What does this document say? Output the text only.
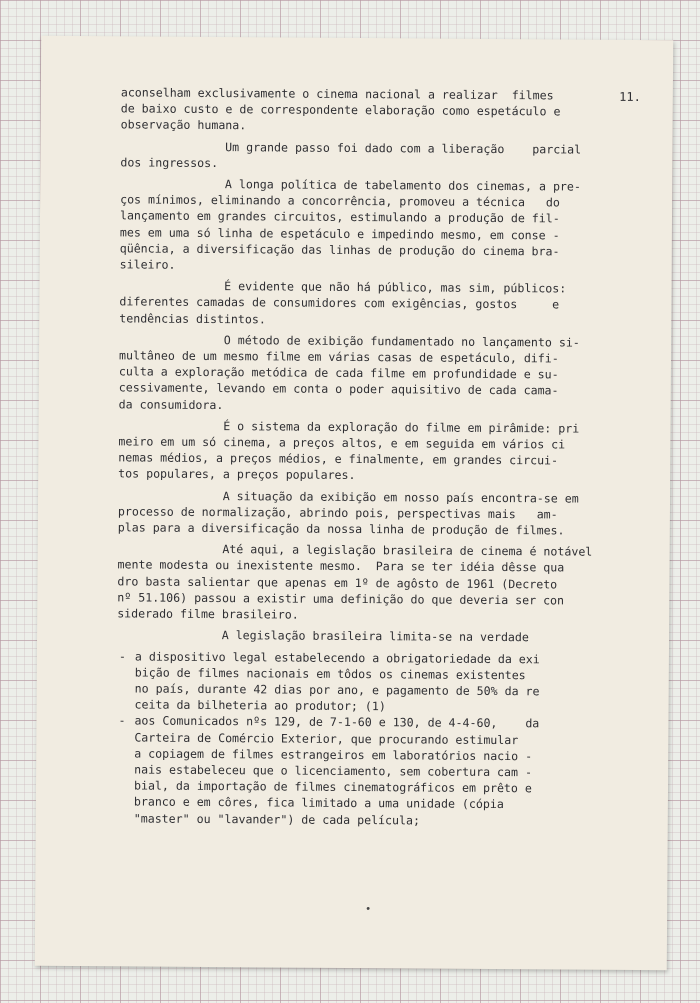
11.
aconselham exclusivamente o cinema nacional a realizar  filmes
de baixo custo e de correspondente elaboração como espetáculo e
observação humana.
Um grande passo foi dado com a liberação    parcial
dos ingressos.
A longa política de tabelamento dos cinemas, a pre-
ços mínimos, eliminando a concorrência, promoveu a técnica   do
lançamento em grandes circuitos, estimulando a produção de fil-
mes em uma só linha de espetáculo e impedindo mesmo, em conse -
qüência, a diversificação das linhas de produção do cinema bra-
sileiro.
É evidente que não há público, mas sim, públicos:
diferentes camadas de consumidores com exigências, gostos     e
tendências distintos.
O método de exibição fundamentado no lançamento si-
multâneo de um mesmo filme em várias casas de espetáculo, difi-
culta a exploração metódica de cada filme em profundidade e su-
cessivamente, levando em conta o poder aquisitivo de cada cama-
da consumidora.
É o sistema da exploração do filme em pirâmide: pri
meiro em um só cinema, a preços altos, e em seguida em vários ci
nemas médios, a preços médios, e finalmente, em grandes circui-
tos populares, a preços populares.
A situação da exibição em nosso país encontra-se em
processo de normalização, abrindo pois, perspectivas mais   am-
plas para a diversificação da nossa linha de produção de filmes.
Até aqui, a legislação brasileira de cinema é notável
mente modesta ou inexistente mesmo.  Para se ter idéia dêsse qua
dro basta salientar que apenas em 1º de agôsto de 1961 (Decreto
nº 51.106) passou a existir uma definição do que deveria ser con
siderado filme brasileiro.
A legislação brasileira limita-se na verdade
- a dispositivo legal estabelecendo a obrigatoriedade da exi
bição de filmes nacionais em tôdos os cinemas existentes
no país, durante 42 dias por ano, e pagamento de 50% da re
ceita da bilheteria ao produtor; (1)
- aos Comunicados nºs 129, de 7-1-60 e 130, de 4-4-60,    da
Carteira de Comércio Exterior, que procurando estimular
a copiagem de filmes estrangeiros em laboratórios nacio -
nais estabeleceu que o licenciamento, sem cobertura cam -
bial, da importação de filmes cinematográficos em prêto e
branco e em côres, fica limitado a uma unidade (cópia
"master" ou "lavander") de cada película;
•
